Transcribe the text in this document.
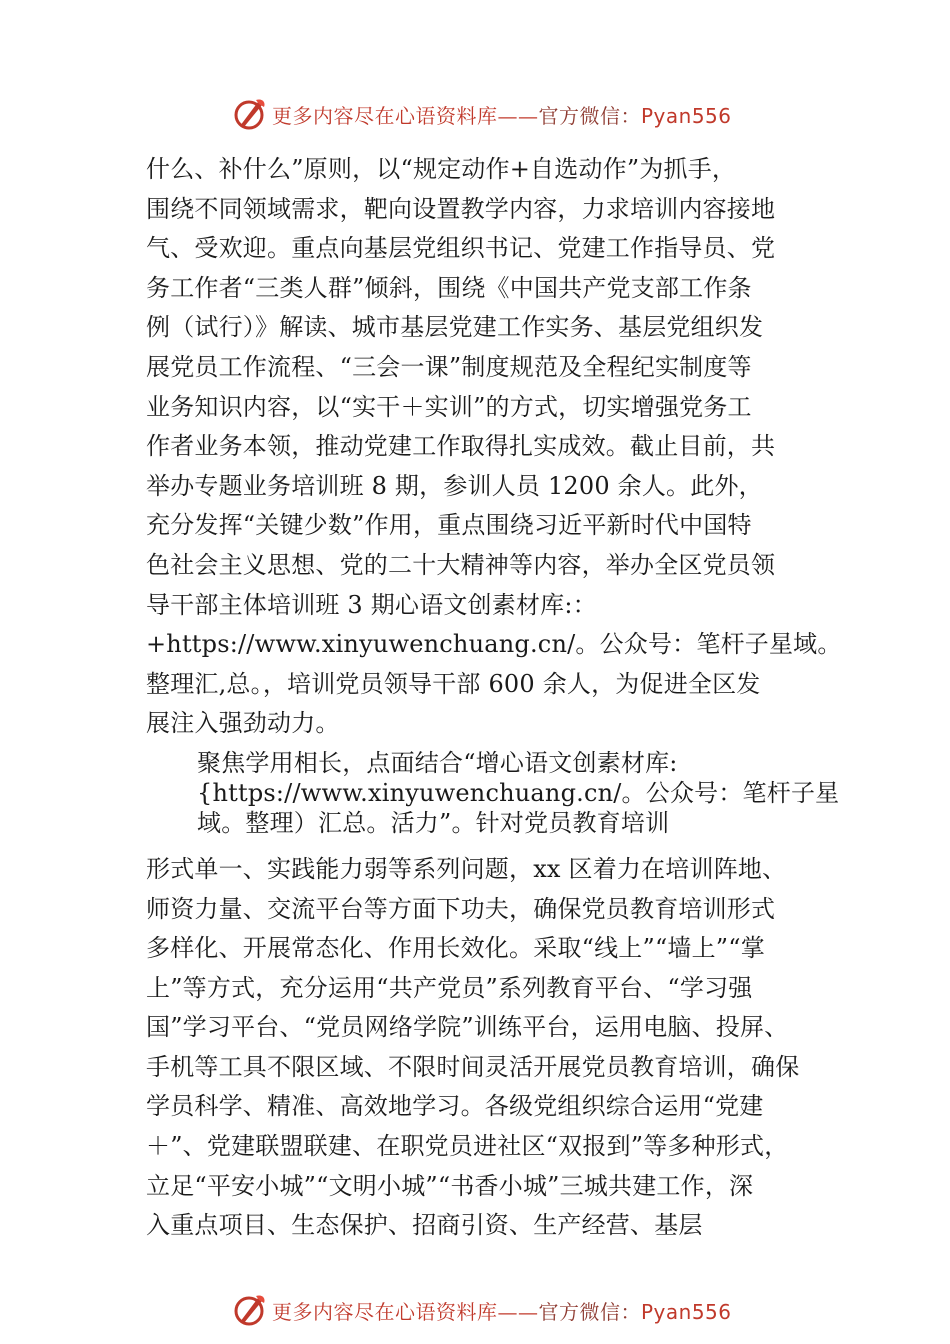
更多内容尽在心语资料库——官方微信：Pyan556
什么、补什么”原则，以“规定动作+自选动作”为抓手，
围绕不同领域需求，靶向设置教学内容，力求培训内容接地
气、受欢迎。重点向基层党组织书记、党建工作指导员、党
务工作者“三类人群”倾斜，围绕《中国共产党支部工作条
例（试行）》解读、城市基层党建工作实务、基层党组织发
展党员工作流程、“三会一课”制度规范及全程纪实制度等
业务知识内容，以“实干＋实训”的方式，切实增强党务工
作者业务本领，推动党建工作取得扎实成效。截止目前，共
举办专题业务培训班 8 期，参训人员 1200 余人。此外，
充分发挥“关键少数”作用，重点围绕习近平新时代中国特
色社会主义思想、党的二十大精神等内容，举办全区党员领
导干部主体培训班 3 期心语文创素材库:：
+https://www.xinyuwenchuang.cn/。公众号：笔杆子星域。
整理汇,总。，培训党员领导干部 600 余人，为促进全区发
展注入强劲动力。
聚焦学用相长，点面结合“增心语文创素材库:
{https://www.xinyuwenchuang.cn/。公众号：笔杆子星
域。整理）汇总。活力”。针对党员教育培训
形式单一、实践能力弱等系列问题，xx 区着力在培训阵地、
师资力量、交流平台等方面下功夫，确保党员教育培训形式
多样化、开展常态化、作用长效化。采取“线上”“墙上”“掌
上”等方式，充分运用“共产党员”系列教育平台、“学习强
国”学习平台、“党员网络学院”训练平台，运用电脑、投屏、
手机等工具不限区域、不限时间灵活开展党员教育培训，确保
学员科学、精准、高效地学习。各级党组织综合运用“党建
＋”、党建联盟联建、在职党员进社区“双报到”等多种形式，
立足“平安小城”“文明小城”“书香小城”三城共建工作，深
入重点项目、生态保护、招商引资、生产经营、基层
更多内容尽在心语资料库——官方微信：Pyan556
